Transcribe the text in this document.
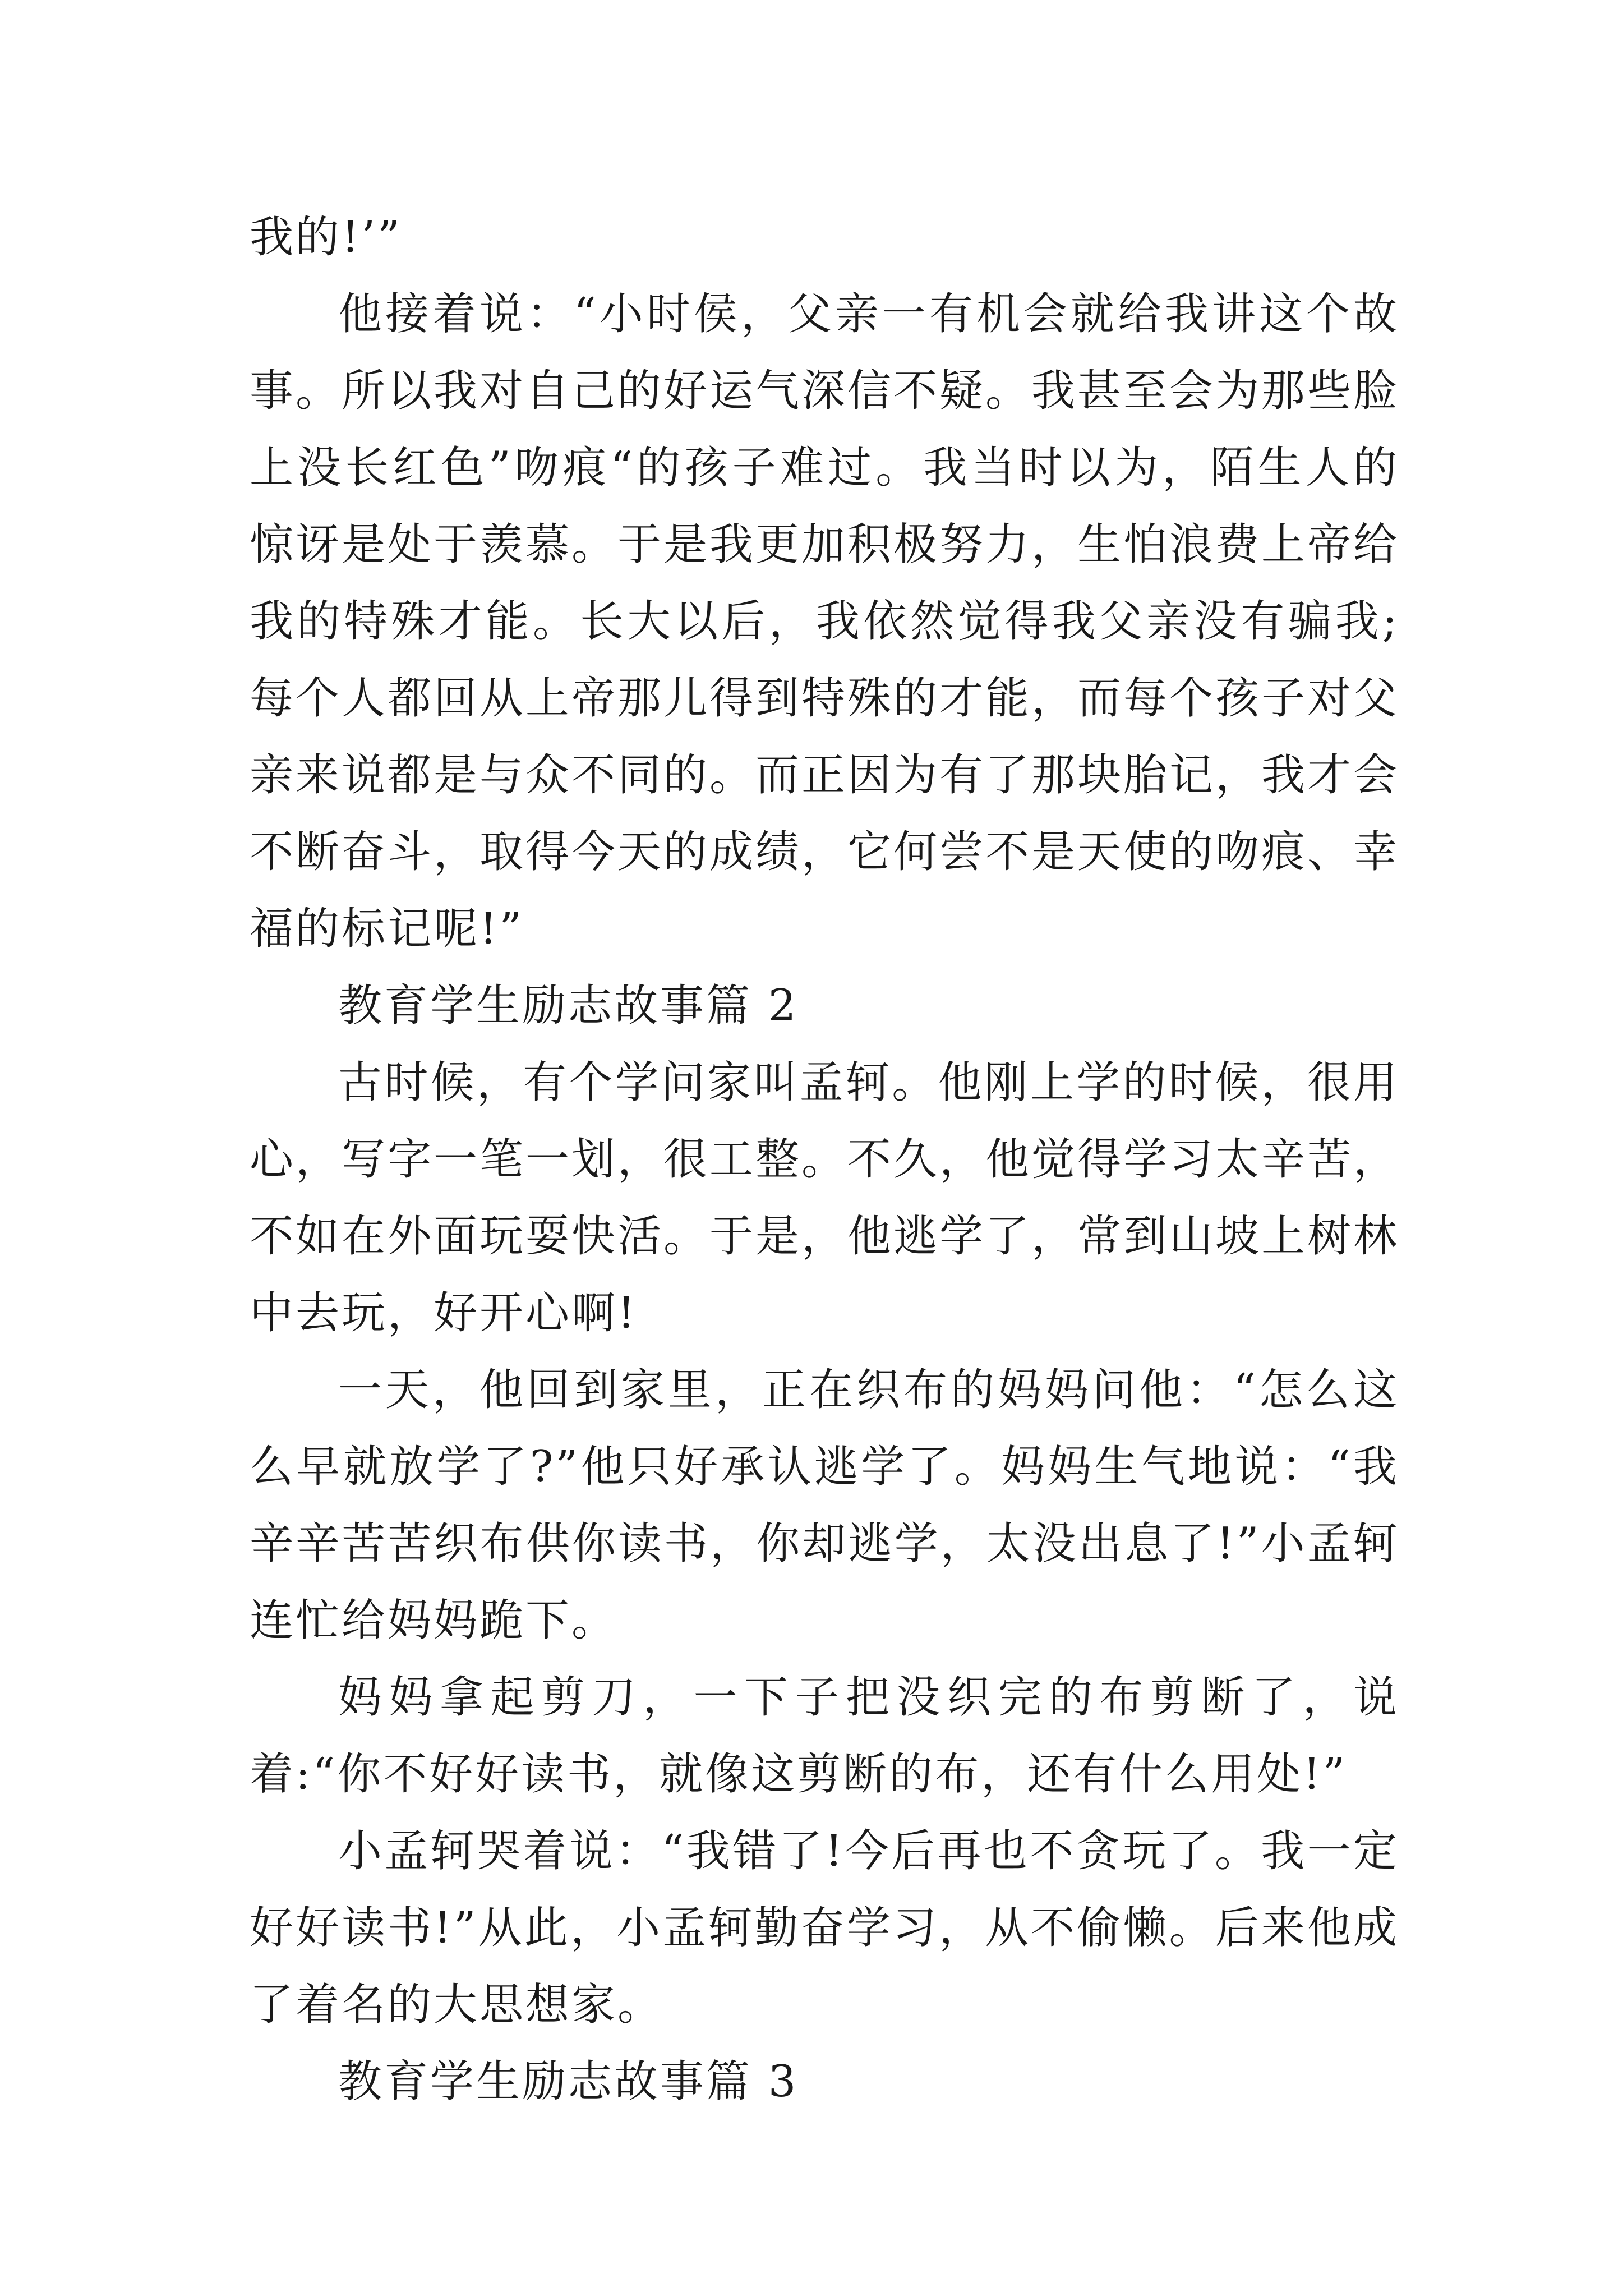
我的!’”

他接着说：“小时侯，父亲一有机会就给我讲这个故事。所以我对自己的好运气深信不疑。我甚至会为那些脸上没长红色”吻痕“的孩子难过。我当时以为，陌生人的惊讶是处于羡慕。于是我更加积极努力，生怕浪费上帝给我的特殊才能。长大以后，我依然觉得我父亲没有骗我;每个人都回从上帝那儿得到特殊的才能，而每个孩子对父亲来说都是与众不同的。而正因为有了那块胎记，我才会不断奋斗，取得今天的成绩，它何尝不是天使的吻痕、幸福的标记呢!”

教育学生励志故事篇 2

古时候，有个学问家叫孟轲。他刚上学的时候，很用心，写字一笔一划，很工整。不久，他觉得学习太辛苦，不如在外面玩耍快活。于是，他逃学了，常到山坡上树林中去玩，好开心啊!

一天，他回到家里，正在织布的妈妈问他：“怎么这么早就放学了?”他只好承认逃学了。妈妈生气地说：“我辛辛苦苦织布供你读书，你却逃学，太没出息了!”小孟轲连忙给妈妈跪下。

妈妈拿起剪刀，一下子把没织完的布剪断了，说着:“你不好好读书，就像这剪断的布，还有什么用处!”

小孟轲哭着说：“我错了!今后再也不贪玩了。我一定好好读书!”从此，小孟轲勤奋学习，从不偷懒。后来他成了着名的大思想家。

教育学生励志故事篇 3
